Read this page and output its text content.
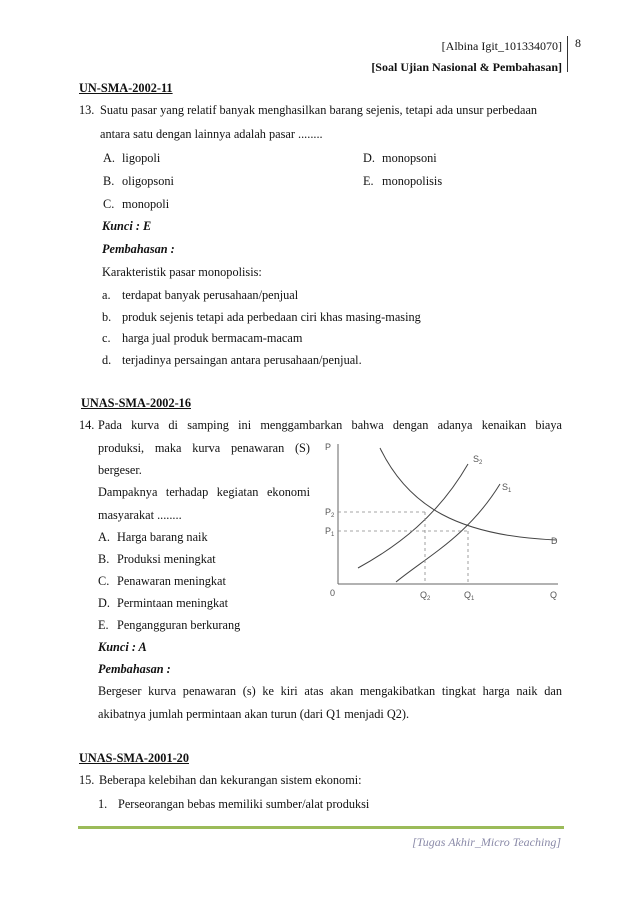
[Albina Igit_101334070]
[Soal Ujian Nasional & Pembahasan]
8
UN-SMA-2002-11
13. Suatu pasar yang relatif banyak menghasilkan barang sejenis, tetapi ada unsur perbedaan
antara satu dengan lainnya adalah pasar ........
A. ligopoli
B. oligopsoni
C. monopoli
D. monopsoni
E. monopolisis
Kunci : E
Pembahasan :
Karakteristik pasar monopolisis:
a. terdapat banyak perusahaan/penjual
b. produk sejenis tetapi ada perbedaan ciri khas masing-masing
c. harga jual produk bermacam-macam
d. terjadinya persaingan antara perusahaan/penjual.
UNAS-SMA-2002-16
14. Pada kurva di samping ini menggambarkan bahwa dengan adanya kenaikan biaya
produksi, maka kurva penawaran (S)
bergeser.
Dampaknya terhadap kegiatan ekonomi
masyarakat ........
A. Harga barang naik
B. Produksi meningkat
C. Penawaran meningkat
D. Permintaan meningkat
E. Pengangguran berkurang
Kunci : A
Pembahasan :
Bergeser kurva penawaran (s) ke kiri atas akan mengakibatkan tingkat harga naik dan
akibatnya jumlah permintaan akan turun (dari Q1 menjadi Q2).
P
Q
0
$S_2$
$S_1$
D
$P_2$
$P_1$
$Q_2$	$Q_1$
UNAS-SMA-2001-20
15. Beberapa kelebihan dan kekurangan sistem ekonomi:
1. Perseorangan bebas memiliki sumber/alat produksi
[Tugas Akhir_Micro Teaching]
